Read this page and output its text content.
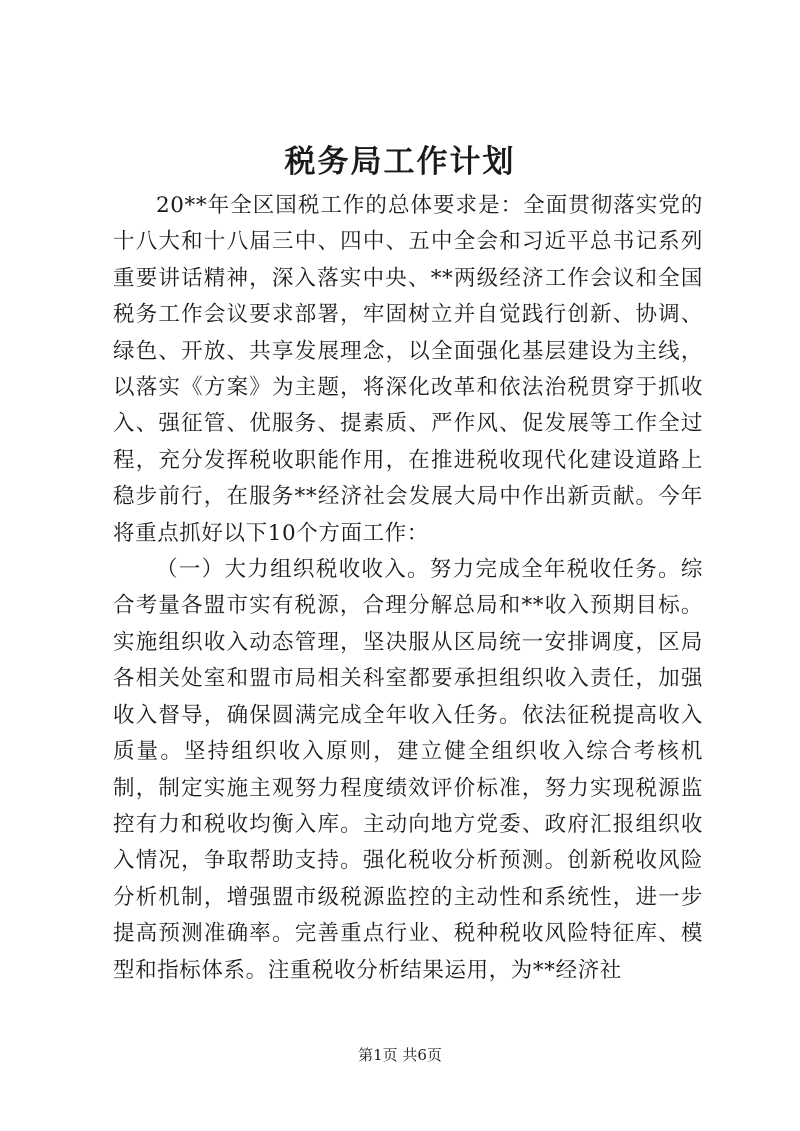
税务局工作计划

20**年全区国税工作的总体要求是：全面贯彻落实党的十八大和十八届三中、四中、五中全会和习近平总书记系列重要讲话精神，深入落实中央、**两级经济工作会议和全国税务工作会议要求部署，牢固树立并自觉践行创新、协调、绿色、开放、共享发展理念，以全面强化基层建设为主线，以落实《方案》为主题，将深化改革和依法治税贯穿于抓收入、强征管、优服务、提素质、严作风、促发展等工作全过程，充分发挥税收职能作用，在推进税收现代化建设道路上稳步前行，在服务**经济社会发展大局中作出新贡献。今年将重点抓好以下10个方面工作：

（一）大力组织税收收入。努力完成全年税收任务。综合考量各盟市实有税源，合理分解总局和**收入预期目标。实施组织收入动态管理，坚决服从区局统一安排调度，区局各相关处室和盟市局相关科室都要承担组织收入责任，加强收入督导，确保圆满完成全年收入任务。依法征税提高收入质量。坚持组织收入原则，建立健全组织收入综合考核机制，制定实施主观努力程度绩效评价标准，努力实现税源监控有力和税收均衡入库。主动向地方党委、政府汇报组织收入情况，争取帮助支持。强化税收分析预测。创新税收风险分析机制，增强盟市级税源监控的主动性和系统性，进一步提高预测准确率。完善重点行业、税种税收风险特征库、模型和指标体系。注重税收分析结果运用，为**经济社

第1页 共6页
